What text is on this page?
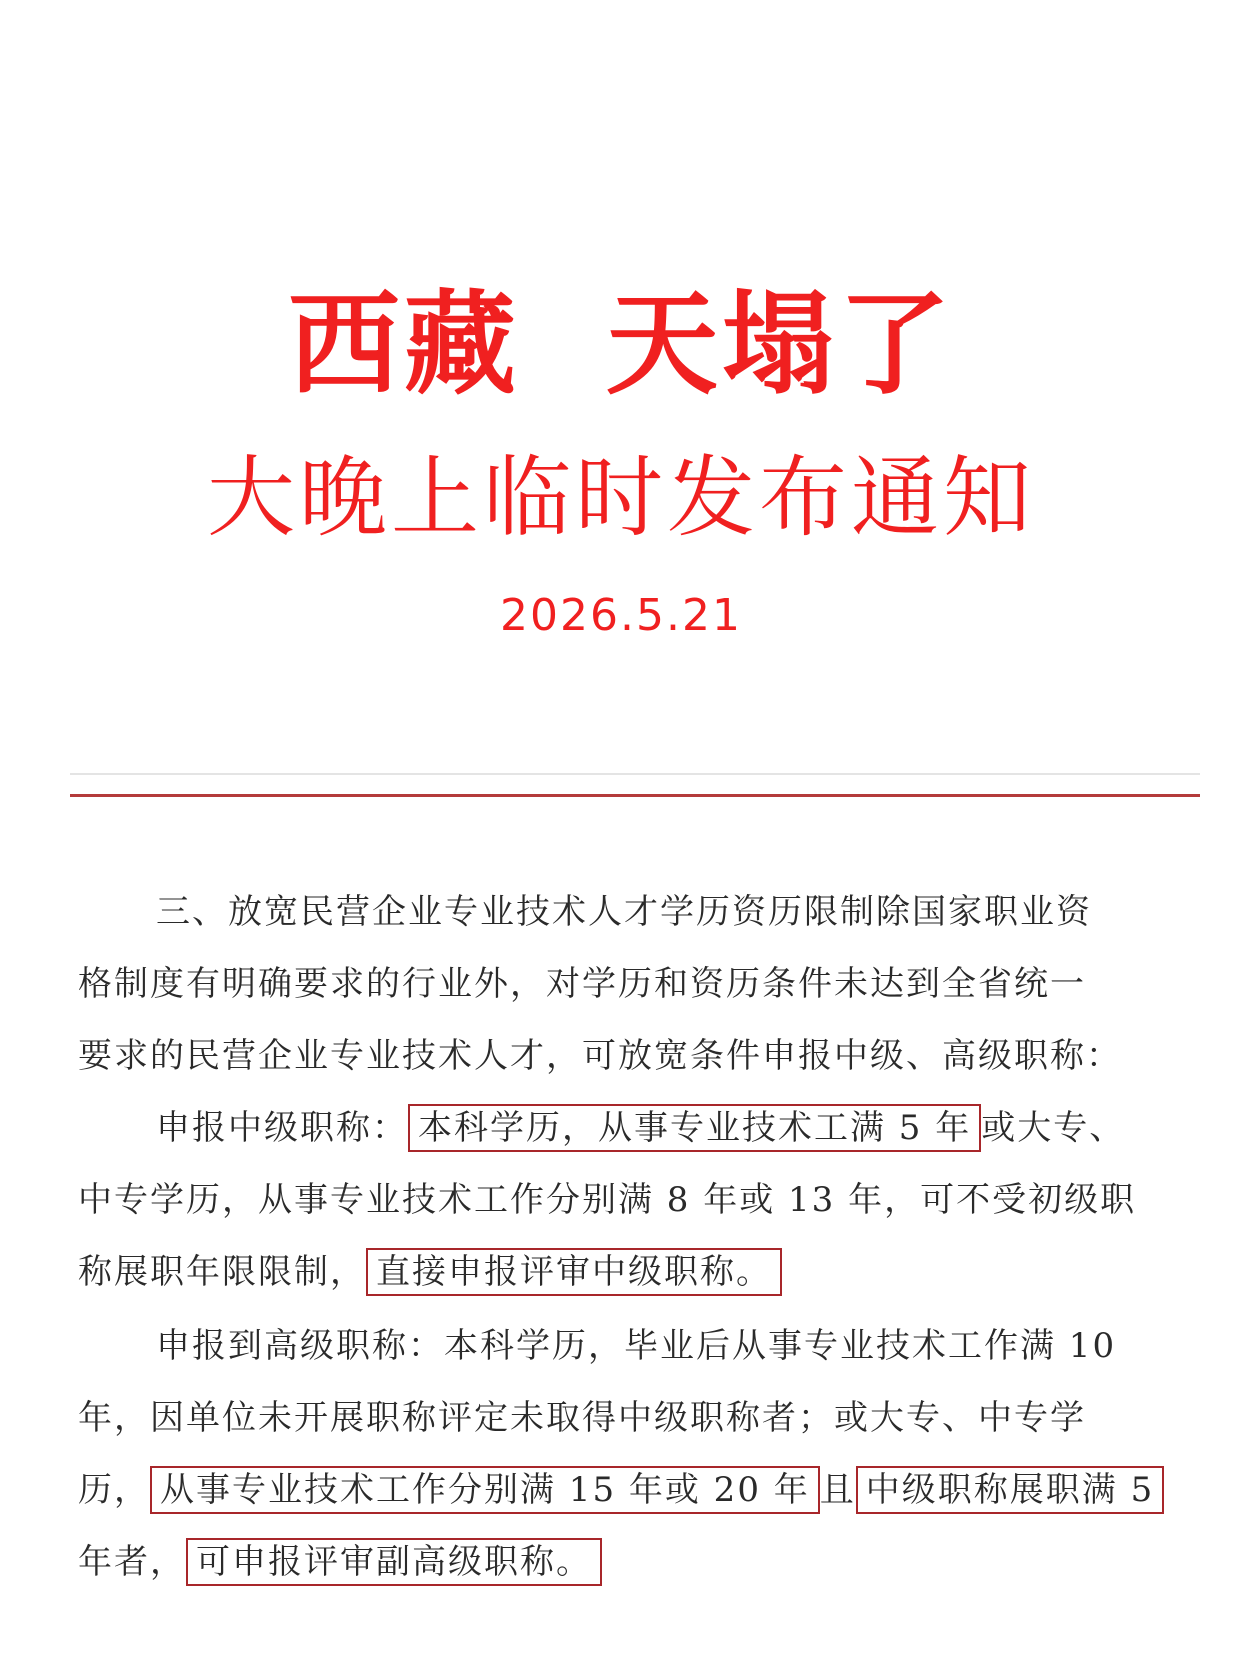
西藏  天塌了
大晚上临时发布通知
2026.5.21
三、放宽民营企业专业技术人才学历资历限制除国家职业资
格制度有明确要求的行业外，对学历和资历条件未达到全省统一
要求的民营企业专业技术人才，可放宽条件申报中级、高级职称：
申报中级职称： 本科学历，从事专业技术工满 5 年 或大专、
中专学历，从事专业技术工作分别满 8 年或 13 年，可不受初级职
称展职年限限制， 直接申报评审中级职称。
申报到高级职称：本科学历，毕业后从事专业技术工作满 10
年，因单位未开展职称评定未取得中级职称者；或大专、中专学
历， 从事专业技术工作分别满 15 年或 20 年 且 中级职称展职满 5
年者， 可申报评审副高级职称。
